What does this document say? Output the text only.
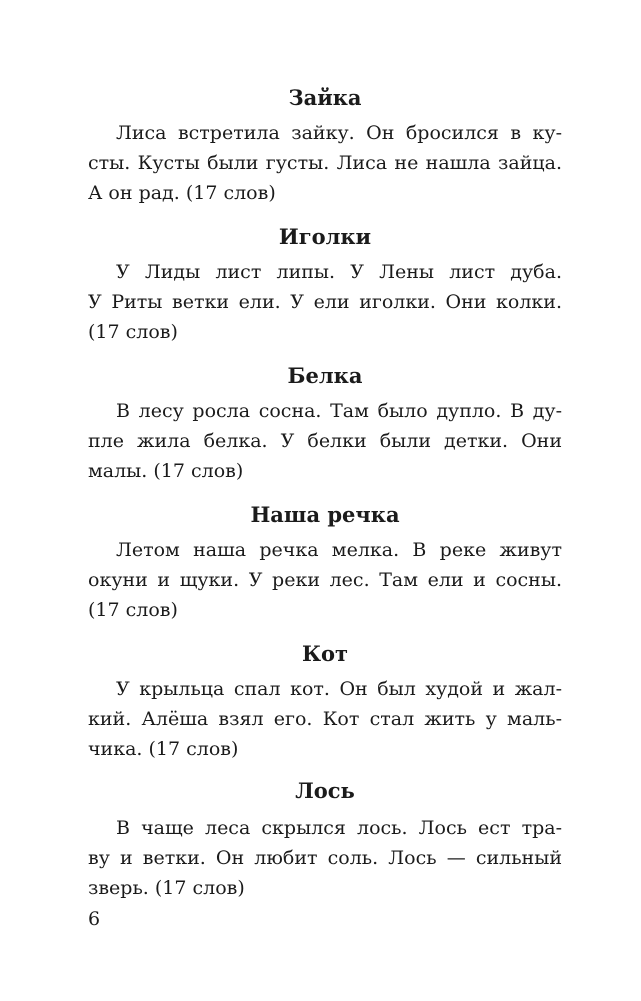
Зайка

Лиса встретила зайку. Он бросился в ку-

сты. Кусты были густы. Лиса не нашла зайца.

А он рад. (17 слов)

Иголки

У Лиды лист липы. У Лены лист дуба.

У Риты ветки ели. У ели иголки. Они колки.

(17 слов)

Белка

В лесу росла сосна. Там было дупло. В ду-

пле жила белка. У белки были детки. Они

малы. (17 слов)

Наша речка

Летом наша речка мелка. В реке живут

окуни и щуки. У реки лес. Там ели и сосны.

(17 слов)

Кот

У крыльца спал кот. Он был худой и жал-

кий. Алёша взял его. Кот стал жить у маль-

чика. (17 слов)

Лось

В чаще леса скрылся лось. Лось ест тра-

ву и ветки. Он любит соль. Лось — сильный

зверь. (17 слов)

6
